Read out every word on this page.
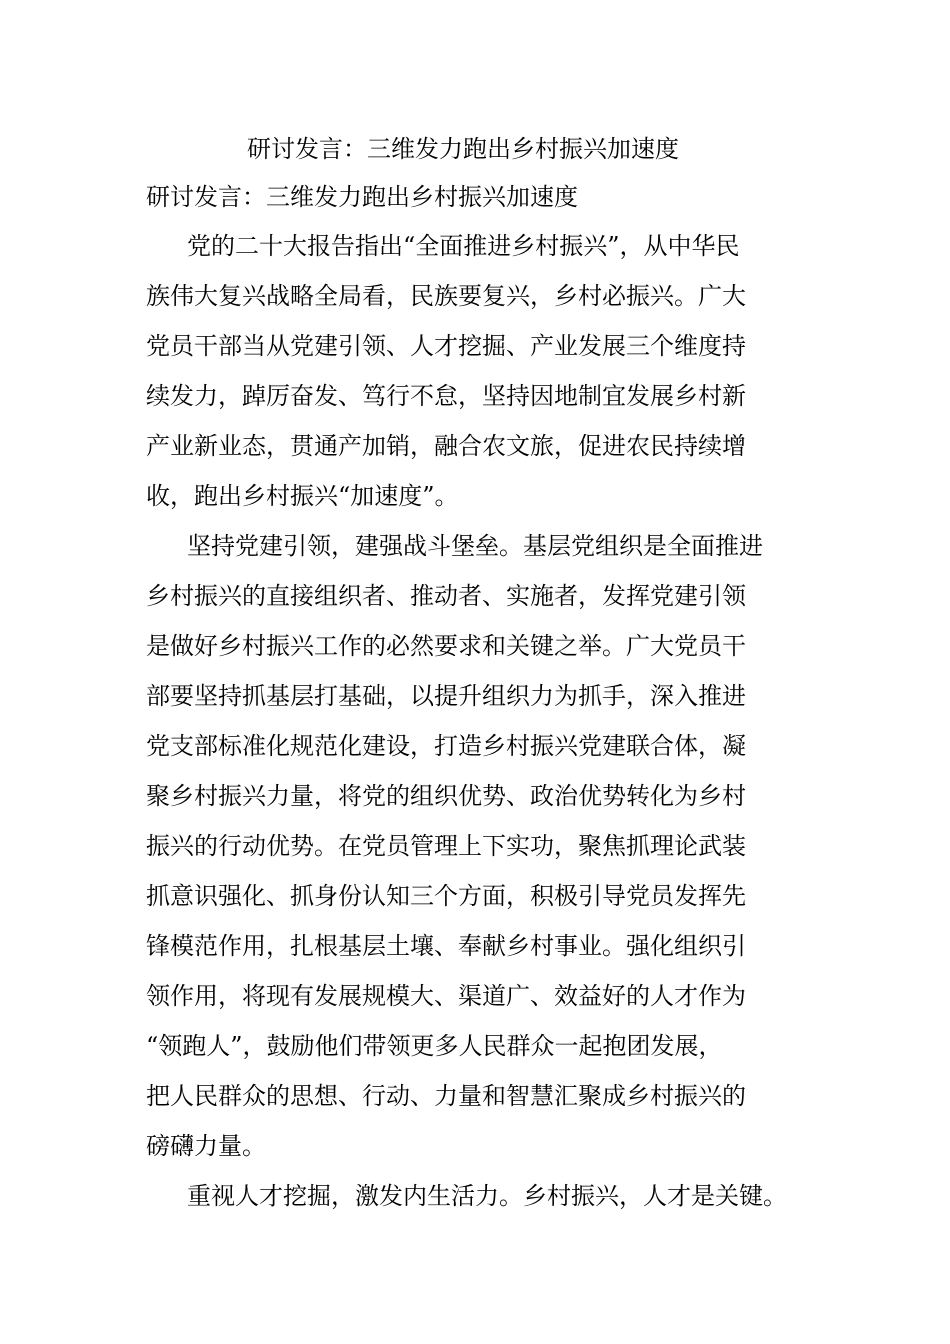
研讨发言：三维发力跑出乡村振兴加速度
研讨发言：三维发力跑出乡村振兴加速度
党的二十大报告指出“全面推进乡村振兴”，从中华民
族伟大复兴战略全局看，民族要复兴，乡村必振兴。广大
党员干部当从党建引领、人才挖掘、产业发展三个维度持
续发力，踔厉奋发、笃行不怠，坚持因地制宜发展乡村新
产业新业态，贯通产加销，融合农文旅，促进农民持续增
收，跑出乡村振兴“加速度”。
坚持党建引领，建强战斗堡垒。基层党组织是全面推进
乡村振兴的直接组织者、推动者、实施者，发挥党建引领
是做好乡村振兴工作的必然要求和关键之举。广大党员干
部要坚持抓基层打基础，以提升组织力为抓手，深入推进
党支部标准化规范化建设，打造乡村振兴党建联合体，凝
聚乡村振兴力量，将党的组织优势、政治优势转化为乡村
振兴的行动优势。在党员管理上下实功，聚焦抓理论武装
抓意识强化、抓身份认知三个方面，积极引导党员发挥先
锋模范作用，扎根基层土壤、奉献乡村事业。强化组织引
领作用，将现有发展规模大、渠道广、效益好的人才作为
“领跑人”，鼓励他们带领更多人民群众一起抱团发展，
把人民群众的思想、行动、力量和智慧汇聚成乡村振兴的
磅礴力量。
重视人才挖掘，激发内生活力。乡村振兴，人才是关键。
